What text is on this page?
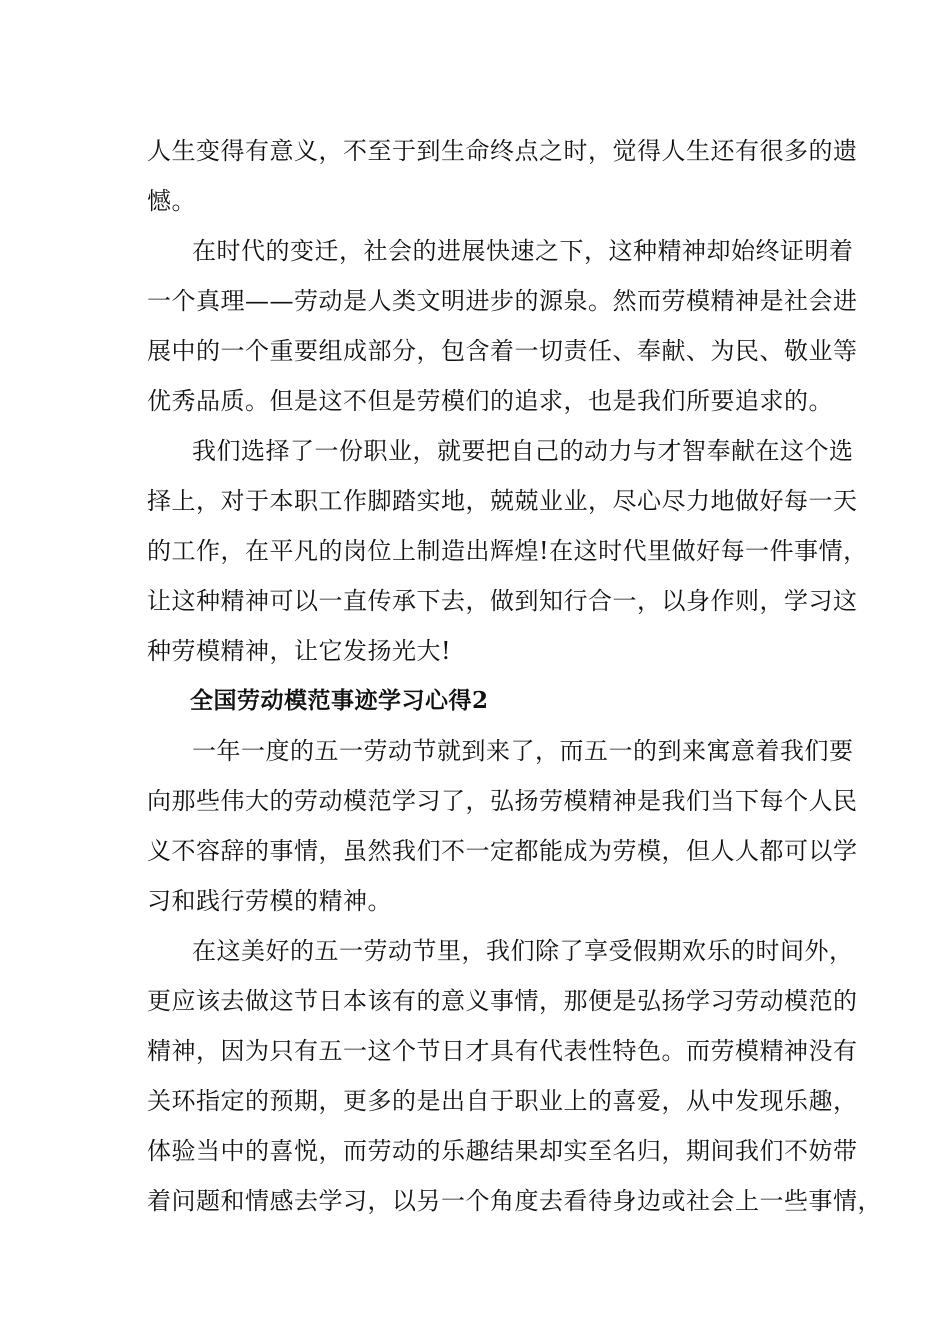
人生变得有意义，不至于到生命终点之时，觉得人生还有很多的遗
憾。

在时代的变迁，社会的进展快速之下，这种精神却始终证明着
一个真理——劳动是人类文明进步的源泉。然而劳模精神是社会进
展中的一个重要组成部分，包含着一切责任、奉献、为民、敬业等
优秀品质。但是这不但是劳模们的追求，也是我们所要追求的。

我们选择了一份职业，就要把自己的动力与才智奉献在这个选
择上，对于本职工作脚踏实地，兢兢业业，尽心尽力地做好每一天
的工作，在平凡的岗位上制造出辉煌!在这时代里做好每一件事情，
让这种精神可以一直传承下去，做到知行合一，以身作则，学习这
种劳模精神，让它发扬光大!

全国劳动模范事迹学习心得2

一年一度的五一劳动节就到来了，而五一的到来寓意着我们要
向那些伟大的劳动模范学习了，弘扬劳模精神是我们当下每个人民
义不容辞的事情，虽然我们不一定都能成为劳模，但人人都可以学
习和践行劳模的精神。

在这美好的五一劳动节里，我们除了享受假期欢乐的时间外，
更应该去做这节日本该有的意义事情，那便是弘扬学习劳动模范的
精神，因为只有五一这个节日才具有代表性特色。而劳模精神没有
关环指定的预期，更多的是出自于职业上的喜爱，从中发现乐趣，
体验当中的喜悦，而劳动的乐趣结果却实至名归，期间我们不妨带
着问题和情感去学习，以另一个角度去看待身边或社会上一些事情，
